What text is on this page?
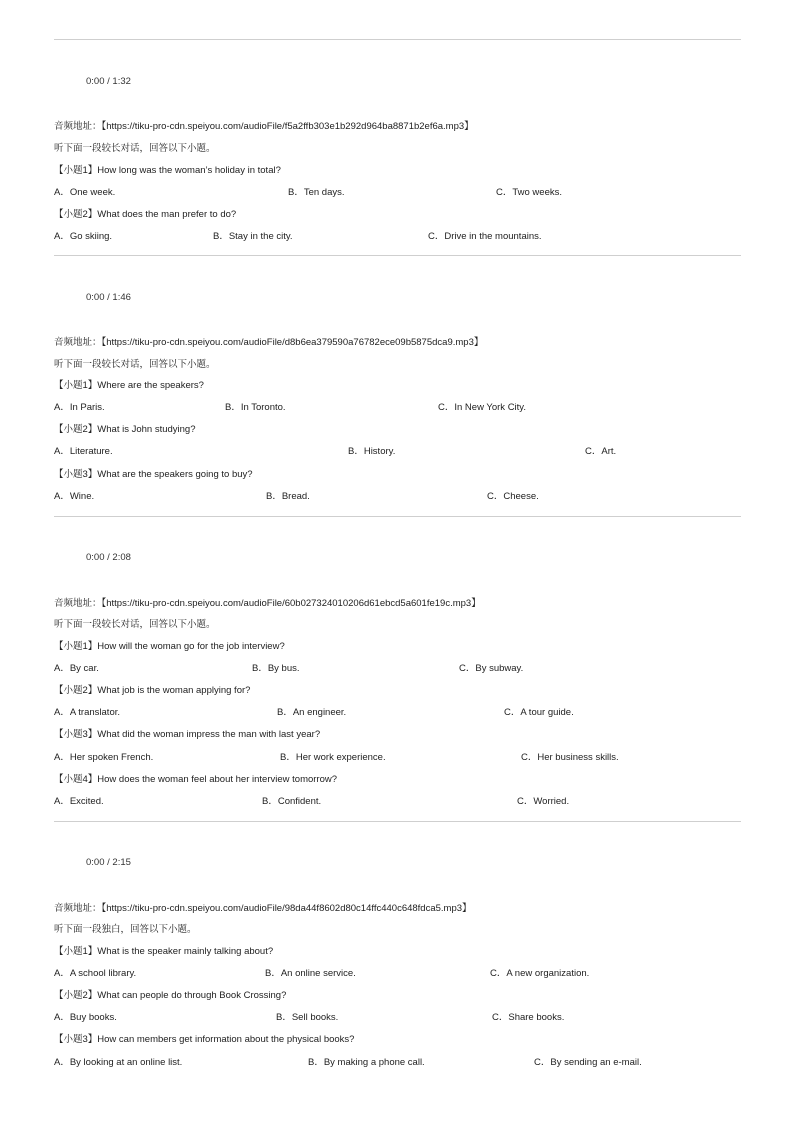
0:00 / 1:32
音频地址：【https://tiku-pro-cdn.speiyou.com/audioFile/f5a2ffb303e1b292d964ba8871b2ef6a.mp3】
听下面一段较长对话，回答以下小题。
【小题1】How long was the woman’s holiday in total?
A．One week.	B．Ten days.	C．Two weeks.
【小题2】What does the man prefer to do?
A．Go skiing.	B．Stay in the city.	C．Drive in the mountains.
0:00 / 1:46
音频地址：【https://tiku-pro-cdn.speiyou.com/audioFile/d8b6ea379590a76782ece09b5875dca9.mp3】
听下面一段较长对话，回答以下小题。
【小题1】Where are the speakers?
A．In Paris.	B．In Toronto.	C．In New York City.
【小题2】What is John studying?
A．Literature.	B．History.	C．Art.
【小题3】What are the speakers going to buy?
A．Wine.	B．Bread.	C．Cheese.
0:00 / 2:08
音频地址：【https://tiku-pro-cdn.speiyou.com/audioFile/60b027324010206d61ebcd5a601fe19c.mp3】
听下面一段较长对话，回答以下小题。
【小题1】How will the woman go for the job interview?
A．By car.	B．By bus.	C．By subway.
【小题2】What job is the woman applying for?
A．A translator.	B．An engineer.	C．A tour guide.
【小题3】What did the woman impress the man with last year?
A．Her spoken French.	B．Her work experience.	C．Her business skills.
【小题4】How does the woman feel about her interview tomorrow?
A．Excited.	B．Confident.	C．Worried.
0:00 / 2:15
音频地址：【https://tiku-pro-cdn.speiyou.com/audioFile/98da44f8602d80c14ffc440c648fdca5.mp3】
听下面一段独白，回答以下小题。
【小题1】What is the speaker mainly talking about?
A．A school library.	B．An online service.	C．A new organization.
【小题2】What can people do through Book Crossing?
A．Buy books.	B．Sell books.	C．Share books.
【小题3】How can members get information about the physical books?
A．By looking at an online list.	B．By making a phone call.	C．By sending an e-mail.
